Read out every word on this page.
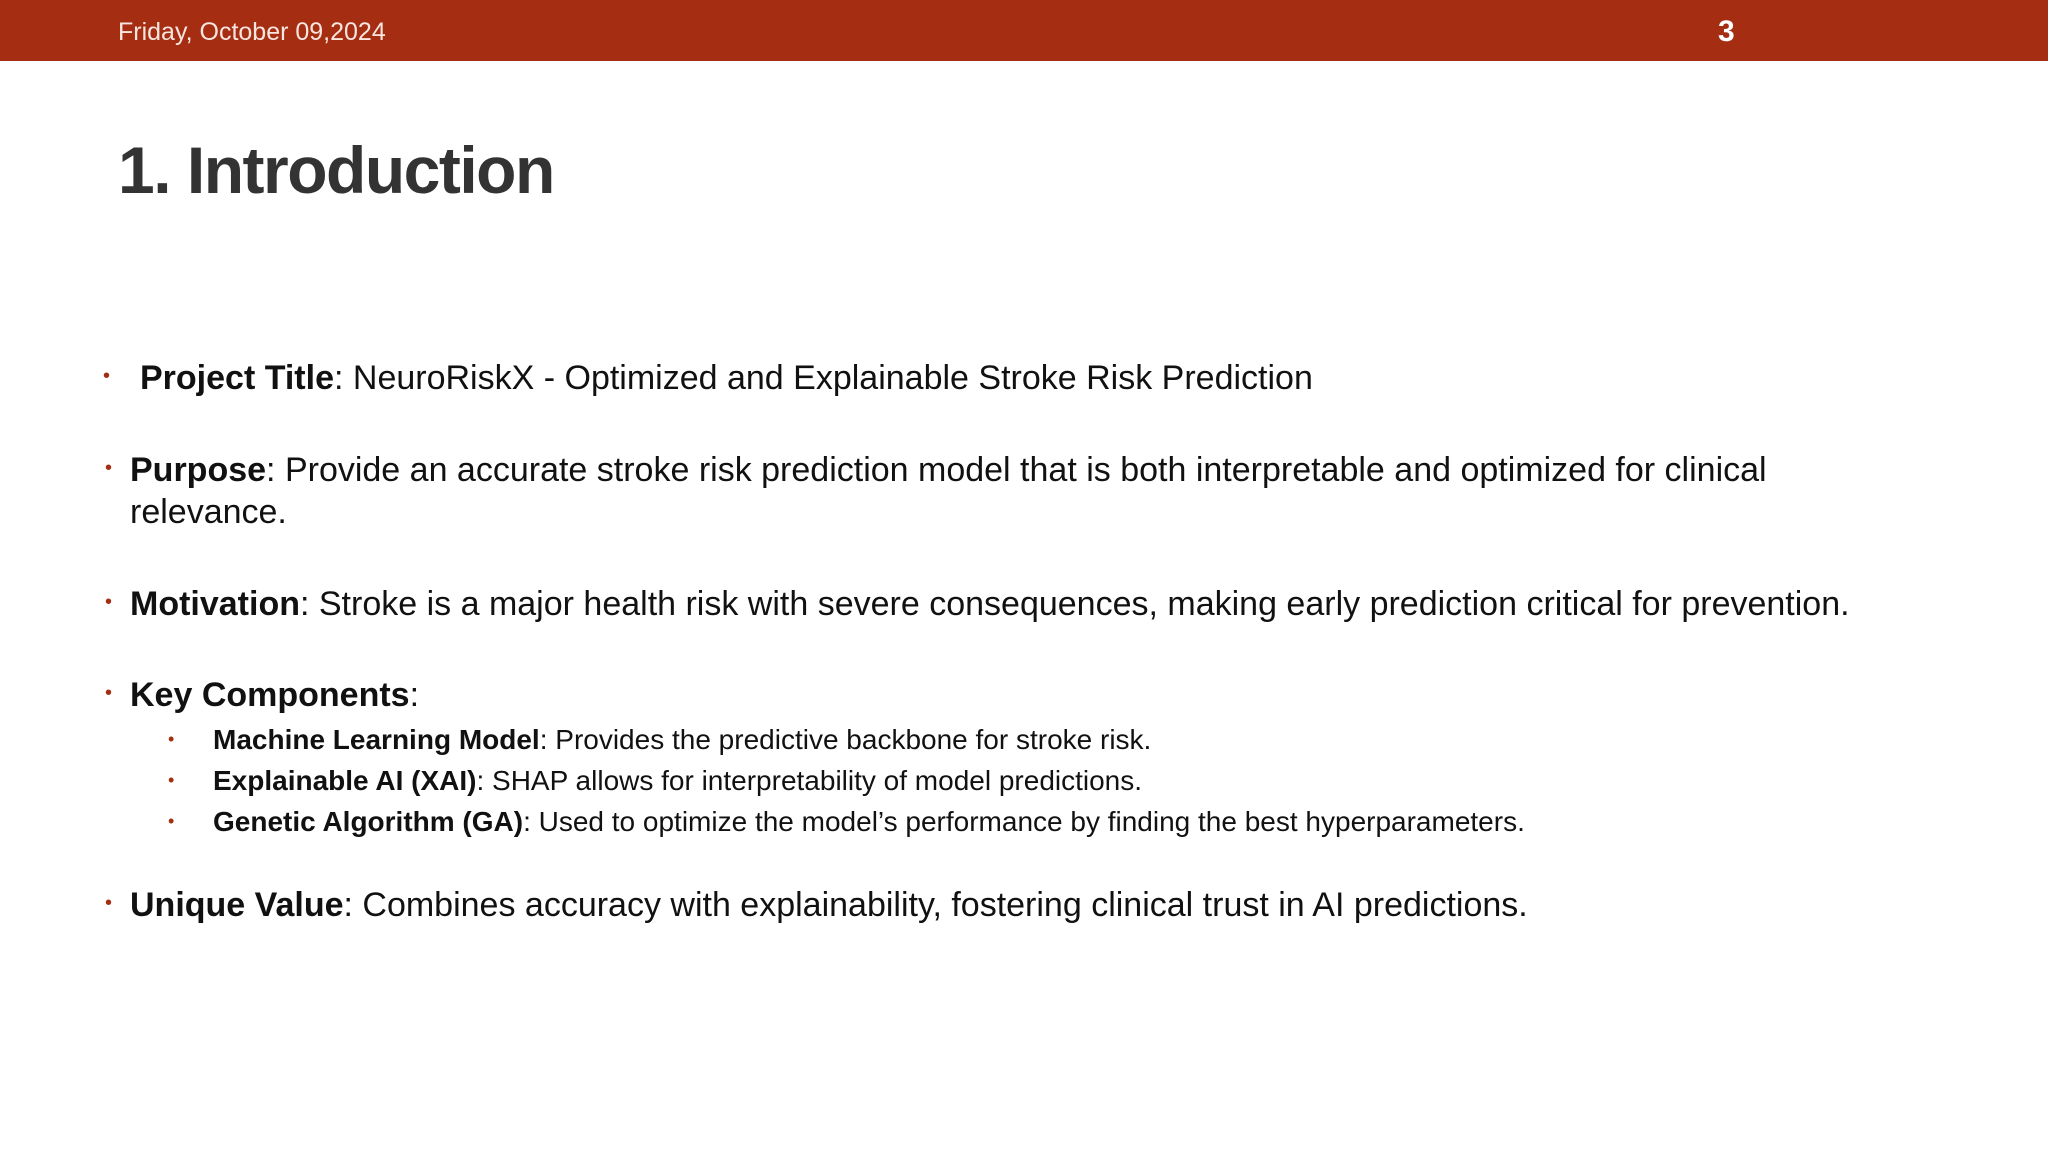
Friday, October 09,2024	3
1. Introduction
• Project Title: NeuroRiskX - Optimized and Explainable Stroke Risk Prediction
• Purpose: Provide an accurate stroke risk prediction model that is both interpretable and optimized for clinical
relevance.
• Motivation: Stroke is a major health risk with severe consequences, making early prediction critical for prevention.
• Key Components:
• Machine Learning Model: Provides the predictive backbone for stroke risk.
• Explainable AI (XAI): SHAP allows for interpretability of model predictions.
• Genetic Algorithm (GA): Used to optimize the model’s performance by finding the best hyperparameters.
• Unique Value: Combines accuracy with explainability, fostering clinical trust in AI predictions.
